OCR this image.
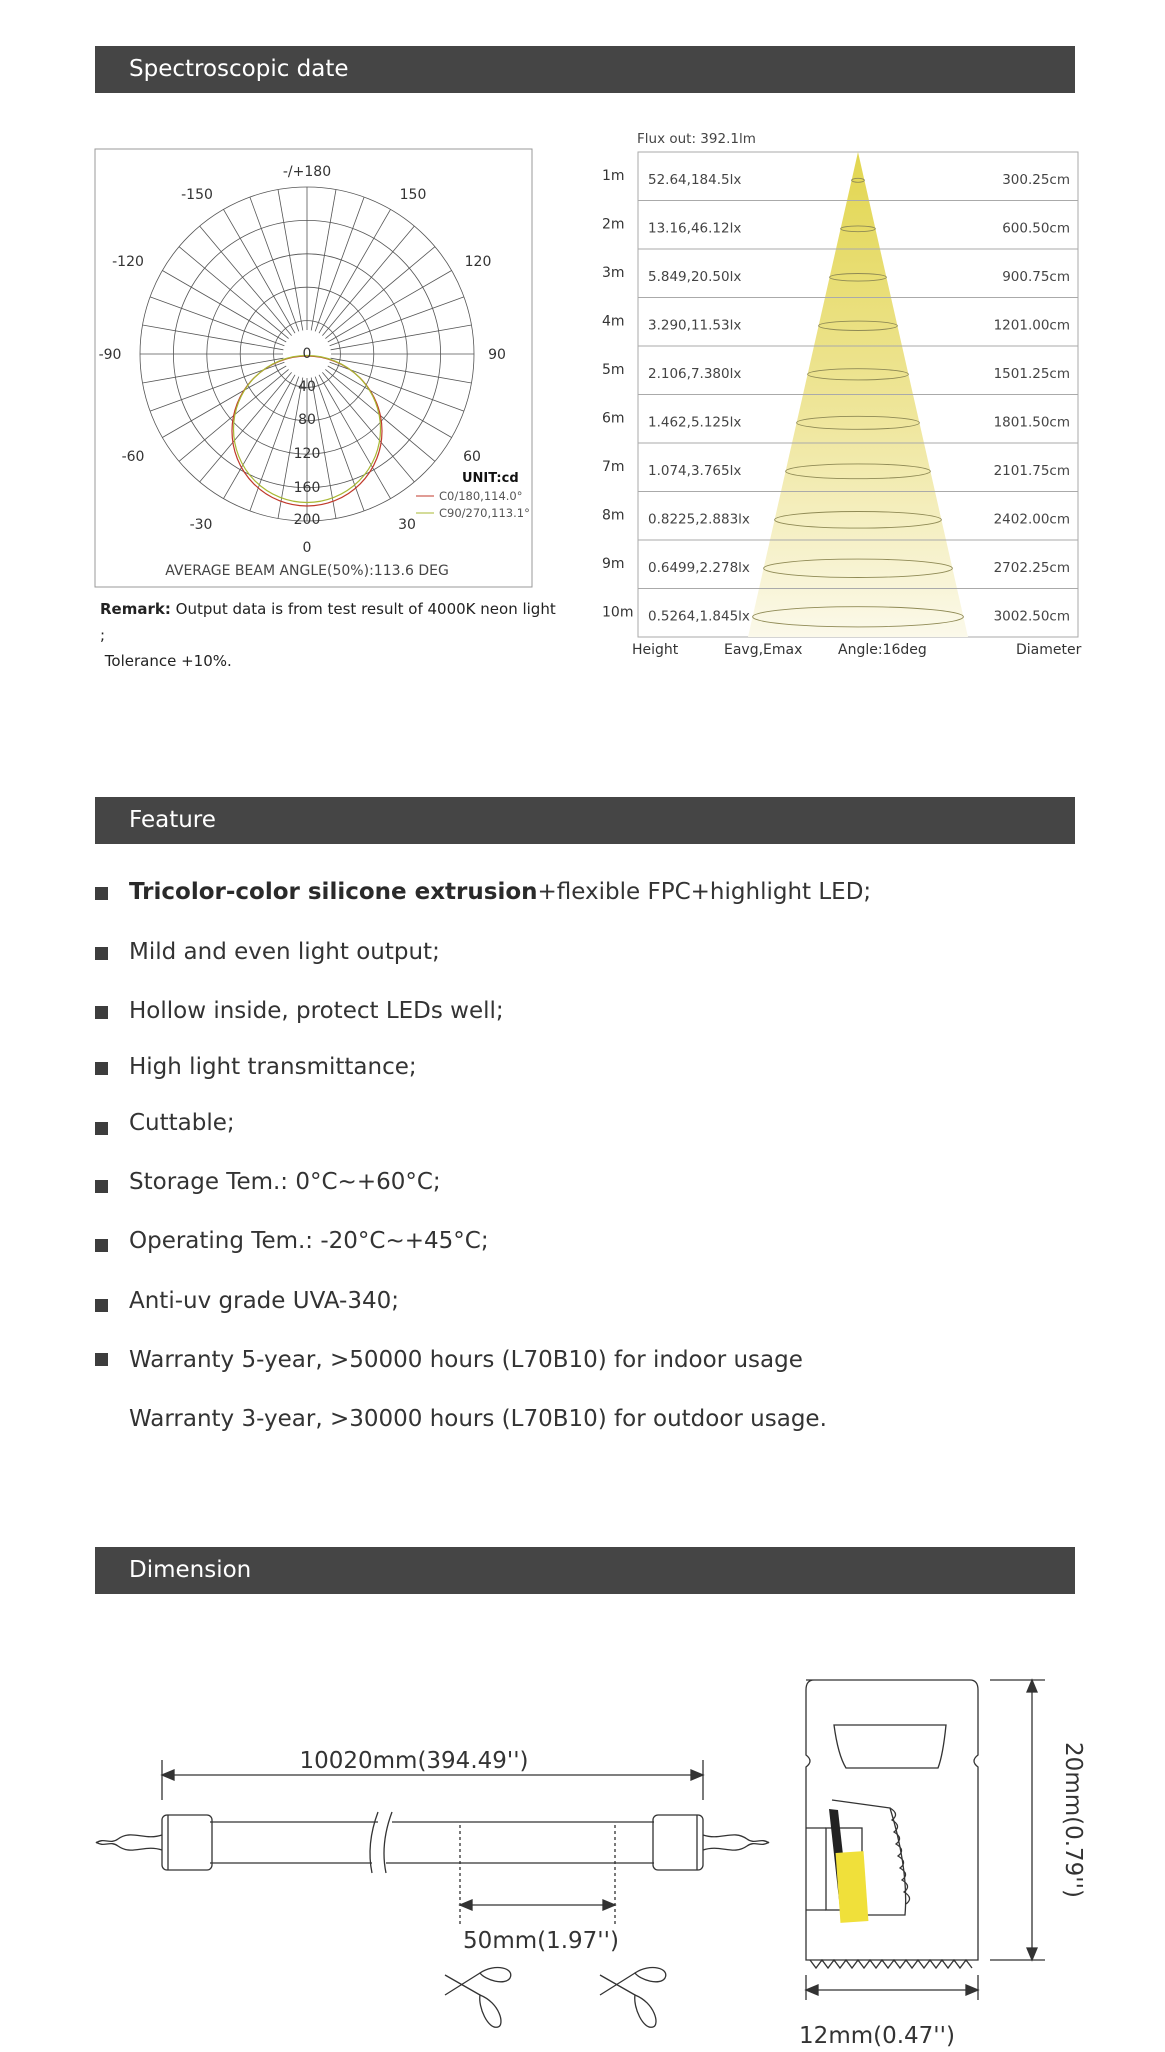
Spectroscopic date
-/+180
-150	150
-120	120
-90	90
-60	60
-30	30
0
0
40
80
120
160
200
UNIT:cd
C0/180,114.0°
C90/270,113.1°
AVERAGE BEAM ANGLE(50%):113.6 DEG
Remark: Output data is from test result of 4000K neon light ;
Tolerance +10%.
Flux out: 392.1lm
1m 52.64,184.5lx	300.25cm
2m 13.16,46.12lx	600.50cm
3m 5.849,20.50lx	900.75cm
4m 3.290,11.53lx	1201.00cm
5m 2.106,7.380lx	1501.25cm
6m 1.462,5.125lx	1801.50cm
7m 1.074,3.765lx	2101.75cm
8m 0.8225,2.883lx	2402.00cm
9m 0.6499,2.278lx	2702.25cm
10m 0.5264,1.845lx	3002.50cm
Height	Eavg,Emax	Angle:16deg	Diameter
Feature
Tricolor-color silicone extrusion+flexible FPC+highlight LED;
Mild and even light output;
Hollow inside, protect LEDs well;
High light transmittance;
Cuttable;
Storage Tem.: 0°C~+60°C;
Operating Tem.: -20°C~+45°C;
Anti-uv grade UVA-340;
Warranty 5-year, >50000 hours (L70B10) for indoor usage
Warranty 3-year, >30000 hours (L70B10) for outdoor usage.
Dimension
10020mm(394.49'')
50mm(1.97'')
20mm(0.79'')
12mm(0.47'')
